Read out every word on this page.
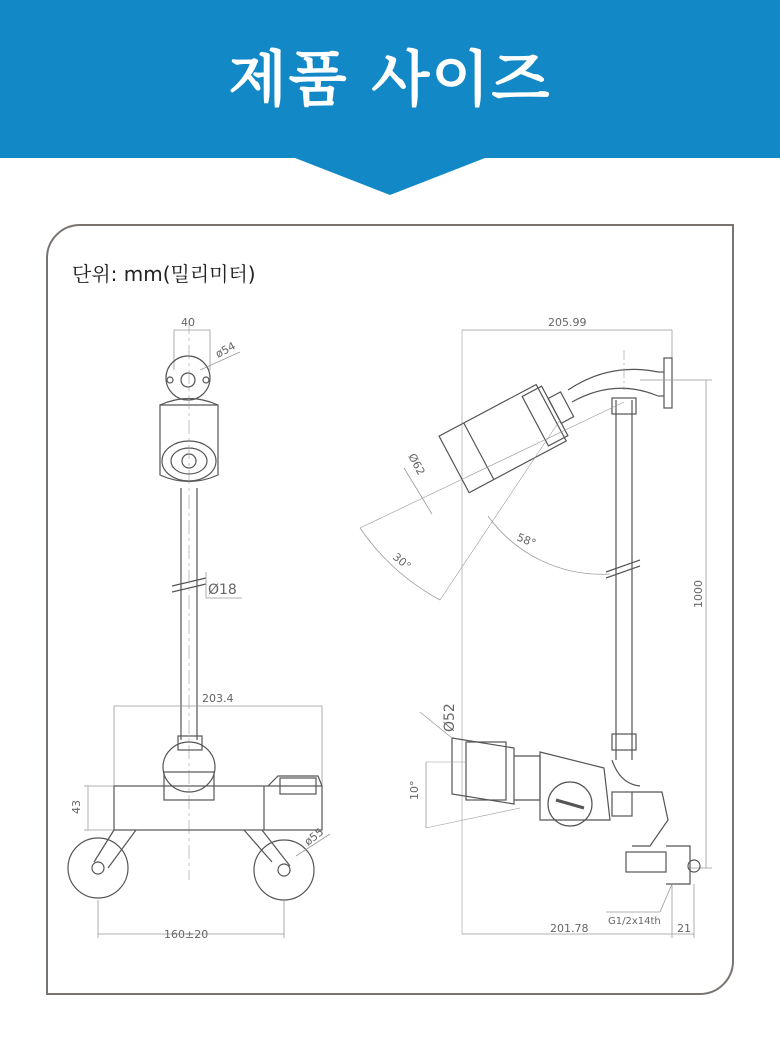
제품 사이즈
단위: mm(밀리미터)
40
ø54
Ø18
203.4
43
ø55
160±20
205.99
Ø62
58°
30°
1000
Ø52
10°
G1/2x14th
201.78	21
